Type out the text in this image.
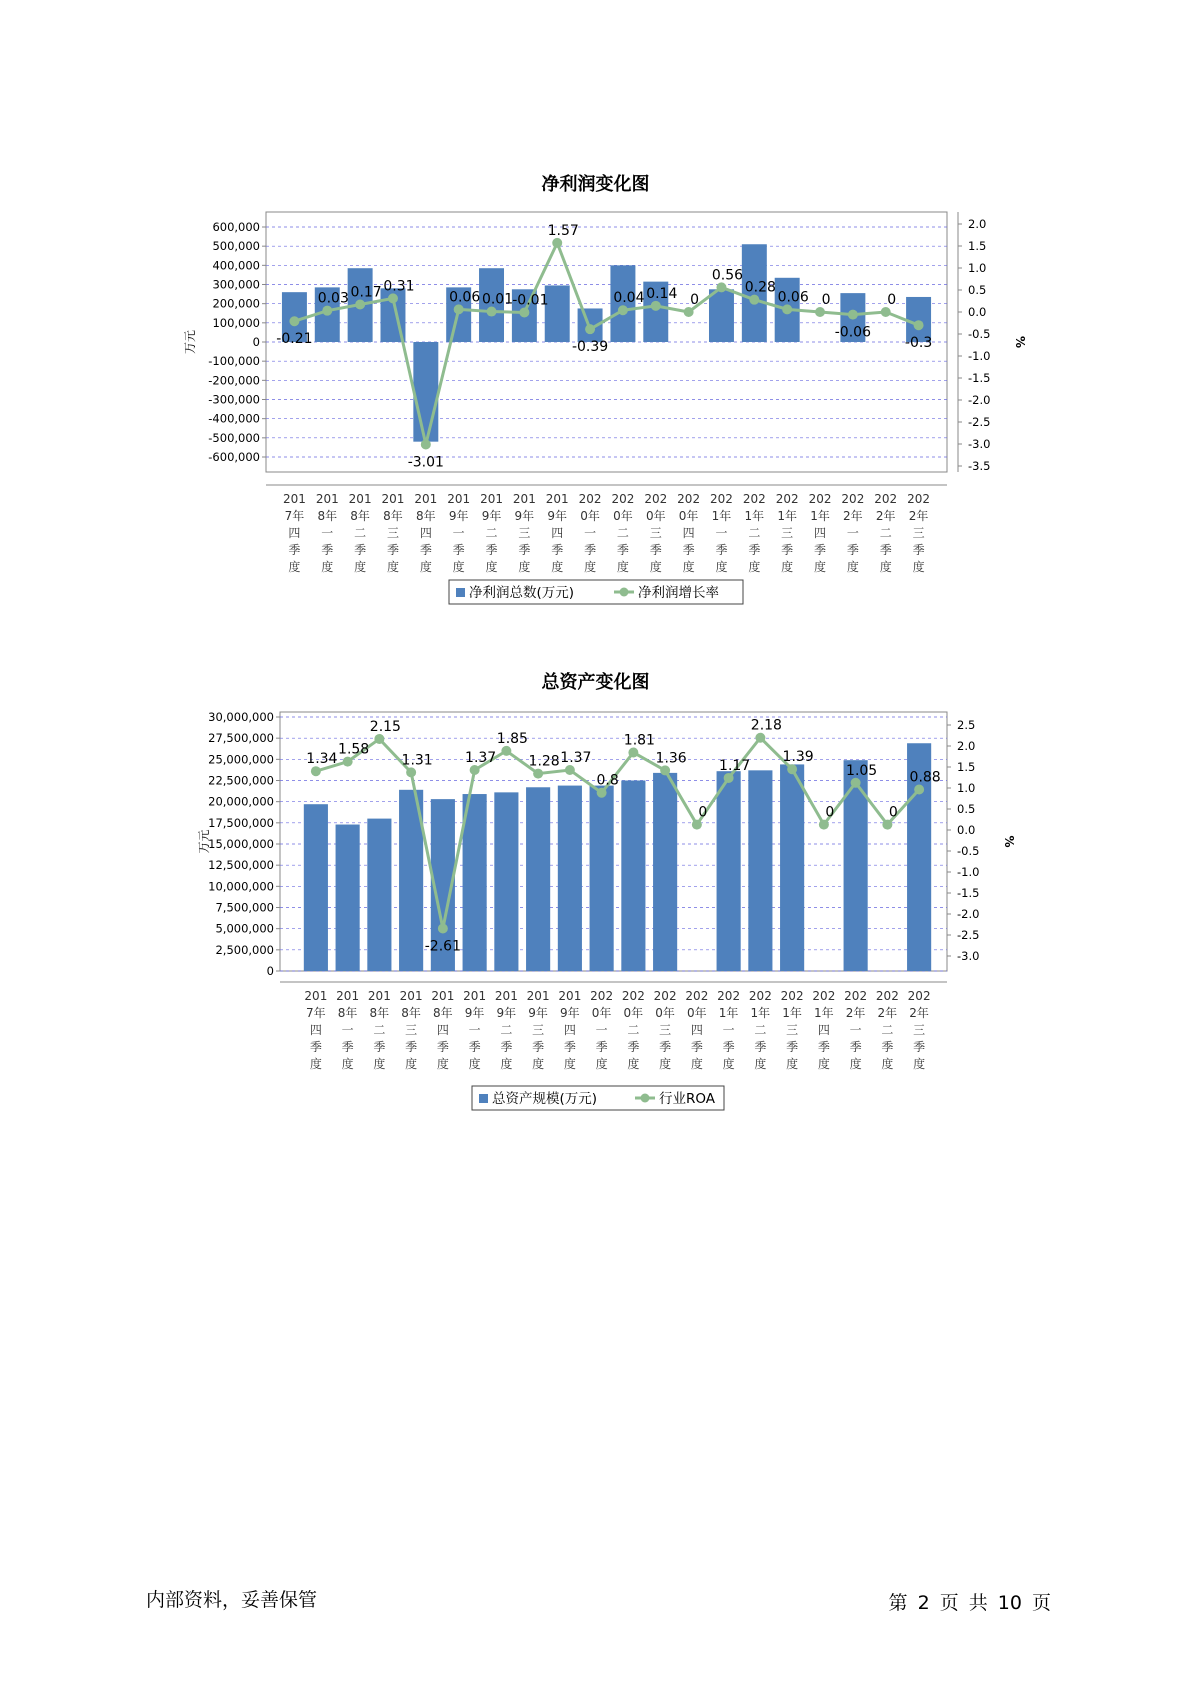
净利润变化图
600,000
500,000
400,000
300,000
200,000
100,000
0
-100,000
-200,000
-300,000
-400,000
-500,000
-600,000
2.0
1.5
1.0
0.5
0.0
-0.5
-1.0
-1.5
-2.0
-2.5
-3.0
-3.5
万元	%
-0.21
0.03 0.17 0.31
-3.01
0.06 0.01 -0.01
1.57
-0.39
0.04 0.14 0
0.56
0.28
0.06 0
-0.06
0
-0.3
201 7年四季度
201 8年一季度
201 8年二季度
201 8年三季度
201 8年四季度
201 9年一季度
201 9年二季度
201 9年三季度
201 9年四季度
202 0年一季度
202 0年二季度
202 0年三季度
202 0年四季度
202 1年一季度
202 1年二季度
202 1年三季度
202 1年四季度
202 2年一季度
202 2年二季度
202 2年三季度
净利润总数(万元)	净利润增长率
总资产变化图
30,000,000
27,500,000
25,000,000
22,500,000
20,000,000
17,500,000
15,000,000
12,500,000
10,000,000
7,500,000
5,000,000
2,500,000
0
2.5
2.0
1.5
1.0
0.5
0.0
-0.5
-1.0
-1.5
-2.0
-2.5
-3.0
万元	%
1.34
1.58
2.15
1.31
-2.61
1.37
1.85
1.28 1.37
0.8
1.81
1.36
0
1.17
2.18
1.39
0
1.05
0
0.88
201 7年四季度
201 8年一季度
201 8年二季度
201 8年三季度
201 8年四季度
201 9年一季度
201 9年二季度
201 9年三季度
201 9年四季度
202 0年一季度
202 0年二季度
202 0年三季度
202 0年四季度
202 1年一季度
202 1年二季度
202 1年三季度
202 1年四季度
202 2年一季度
202 2年二季度
202 2年三季度
总资产规模(万元)	行业ROA
内部资料，妥善保管	第 2 页 共 10 页
